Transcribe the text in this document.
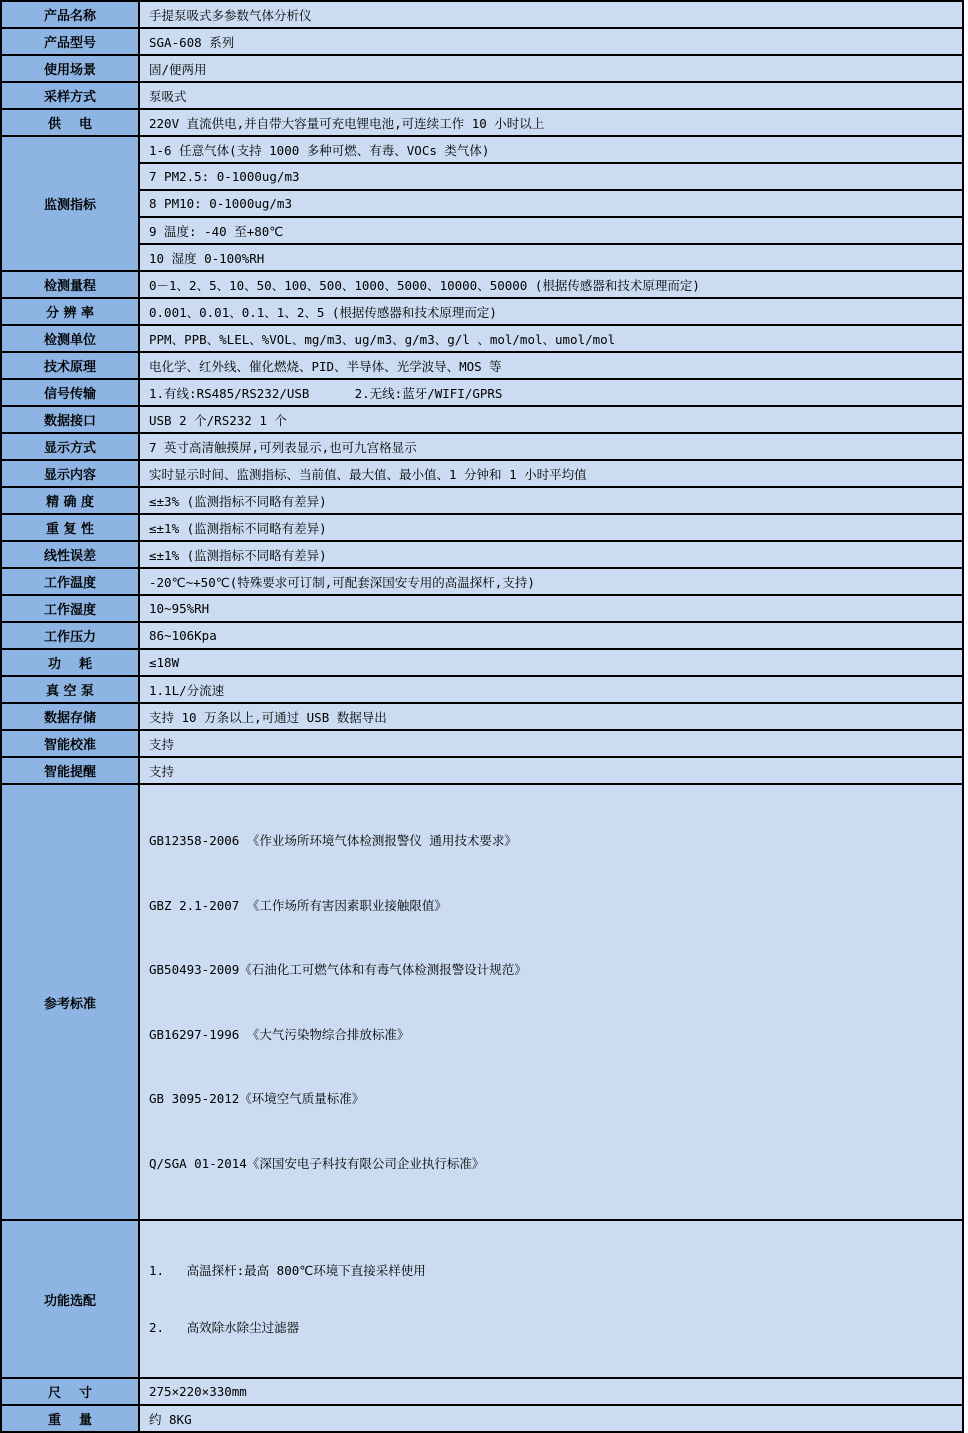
产品名称	手提泵吸式多参数气体分析仪
产品型号	SGA-608 系列
使用场景	固/便两用
采样方式	泵吸式
供    电	220V 直流供电,并自带大容量可充电锂电池,可连续工作 10 小时以上
监测指标	1-6 任意气体(支持 1000 多种可燃、有毒、VOCs 类气体)
	7 PM2.5: 0-1000ug/m3
	8 PM10: 0-1000ug/m3
	9 温度: -40 至+80℃
	10 湿度 0-100%RH
检测量程	0－1、2、5、10、50、100、500、1000、5000、10000、50000 (根据传感器和技术原理而定)
分 辨 率	0.001、0.01、0.1、1、2、5 (根据传感器和技术原理而定)
检测单位	PPM、PPB、%LEL、%VOL、mg/m3、ug/m3、g/m3、g/l 、mol/mol、umol/mol
技术原理	电化学、红外线、催化燃烧、PID、半导体、光学波导、MOS 等
信号传输	1.有线:RS485/RS232/USB      2.无线:蓝牙/WIFI/GPRS
数据接口	USB 2 个/RS232 1 个
显示方式	7 英寸高清触摸屏,可列表显示,也可九宫格显示
显示内容	实时显示时间、监测指标、当前值、最大值、最小值、1 分钟和 1 小时平均值
精 确 度	≤±3% (监测指标不同略有差异)
重 复 性	≤±1% (监测指标不同略有差异)
线性误差	≤±1% (监测指标不同略有差异)
工作温度	-20℃~+50℃(特殊要求可订制,可配套深国安专用的高温探杆,支持)
工作湿度	10~95%RH
工作压力	86~106Kpa
功    耗	≤18W
真 空 泵	1.1L/分流速
数据存储	支持 10 万条以上,可通过 USB 数据导出
智能校准	支持
智能提醒	支持
参考标准	

GB12358-2006 《作业场所环境气体检测报警仪 通用技术要求》

GBZ 2.1-2007 《工作场所有害因素职业接触限值》

GB50493-2009《石油化工可燃气体和有毒气体检测报警设计规范》

GB16297-1996 《大气污染物综合排放标准》

GB 3095-2012《环境空气质量标准》

Q/SGA 01-2014《深国安电子科技有限公司企业执行标准》

功能选配	1.   高温探杆:最高 800℃环境下直接采样使用

2.   高效除水除尘过滤器

尺    寸	275×220×330mm
重    量	约 8KG
